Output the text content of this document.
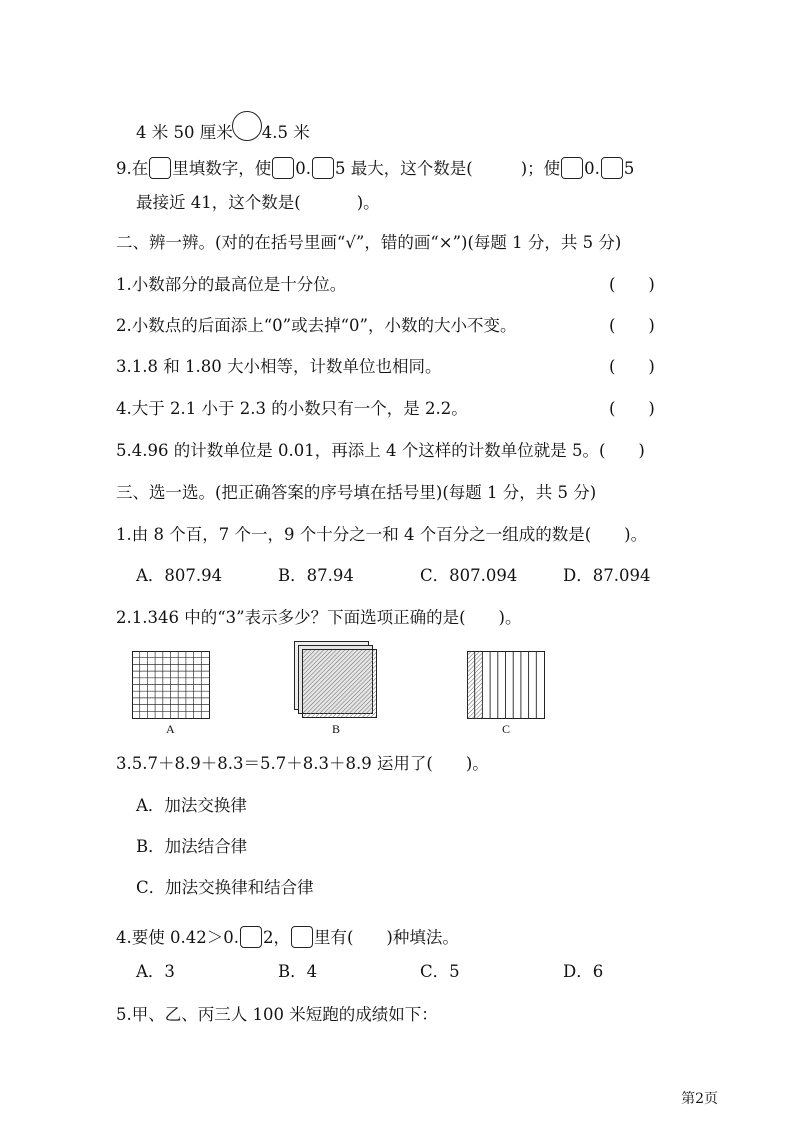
4 米 50 厘米 4.5 米
9.在 里填数字，使 0. 5 最大，这个数是(	)；使 0. 5
最接近 41，这个数是(	)。
二、辨一辨。(对的在括号里画“√”，错的画“×”)(每题 1 分，共 5 分)
1.小数部分的最高位是十分位。	(　　)
2.小数点的后面添上“0”或去掉“0”，小数的大小不变。	(　　)
3.1.8 和 1.80 大小相等，计数单位也相同。	(　　)
4.大于 2.1 小于 2.3 的小数只有一个，是 2.2。	(　　)
5.4.96 的计数单位是 0.01，再添上 4 个这样的计数单位就是 5。(　　)
三、选一选。(把正确答案的序号填在括号里)(每题 1 分，共 5 分)
1.由 8 个百，7 个一，9 个十分之一和 4 个百分之一组成的数是(　　)。
A．807.94	B．87.94	C．807.094	D．87.094
2.1.346 中的“3”表示多少？下面选项正确的是(　　)。
A	B	C
3.5.7＋8.9＋8.3＝5.7＋8.3＋8.9 运用了(　　)。
A．加法交换律
B．加法结合律
C．加法交换律和结合律
4.要使 0.42＞0. 2， 里有(　　)种填法。
A．3	B．4	C．5	D．6
5.甲、乙、丙三人 100 米短跑的成绩如下：
第2页
